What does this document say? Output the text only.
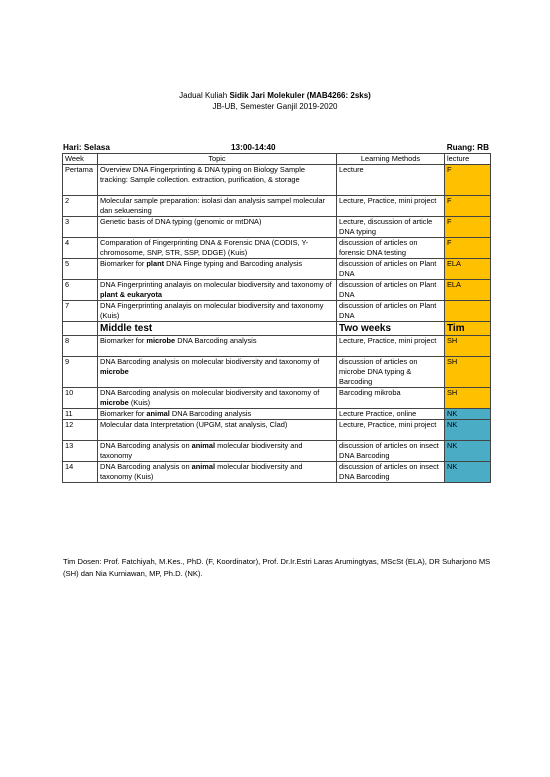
Jadual Kuliah Sidik Jari Molekuler (MAB4266: 2sks)
JB-UB, Semester Ganjil 2019-2020
Hari: Selasa	13:00-14:40	Ruang: RB
Week	Topic	Learning Methods	lecture
Pertama	Overview DNA Fingerprinting & DNA typing on Biology Sample tracking: Sample collection. extraction, purification, & storage	Lecture	F
2	Molecular sample preparation: isolasi dan analysis sampel molecular dan sekuensing	Lecture, Practice, mini project	F
3	Genetic basis of DNA typing (genomic or mtDNA)	Lecture, discussion of article DNA typing	F
4	Comparation of Fingerprinting DNA & Forensic DNA (CODIS, Y-chromosome, SNP, STR, SSP, DDGE) (Kuis)	discussion of articles on forensic DNA testing	F
5	Biomarker for plant DNA Finge typing and Barcoding analysis	discussion of articles on Plant DNA	ELA
6	DNA Fingerprinting analayis on molecular biodiversity and taxonomy of plant & eukaryota	discussion of articles on Plant DNA	ELA
7	DNA Fingerprinting analayis on molecular biodiversity and taxonomy (Kuis)	discussion of articles on Plant DNA	
	Middle test	Two weeks	Tim
8	Biomarker for microbe DNA Barcoding analysis	Lecture, Practice, mini project	SH
9	DNA Barcoding analysis on molecular biodiversity and taxonomy of microbe	discussion of articles on microbe DNA typing & Barcoding	SH
10	DNA Barcoding analysis on molecular biodiversity and taxonomy of microbe (Kuis)	Barcoding mikroba	SH
11	Biomarker for animal DNA Barcoding analysis	Lecture Practice, online	NK
12	Molecular data Interpretation (UPGM, stat analysis, Clad)	Lecture, Practice, mini project	NK
13	DNA Barcoding analysis on animal molecular biodiversity and taxonomy	discussion of articles on insect DNA Barcoding	NK
14	DNA Barcoding analysis on animal molecular biodiversity and taxonomy (Kuis)	discussion of articles on insect DNA Barcoding	NK
Tim Dosen: Prof. Fatchiyah, M.Kes., PhD. (F, Koordinator), Prof. Dr.Ir.Estri Laras Arumingtyas, MScSt (ELA), DR Suharjono MS (SH) dan Nia Kurniawan, MP, Ph.D. (NK).
